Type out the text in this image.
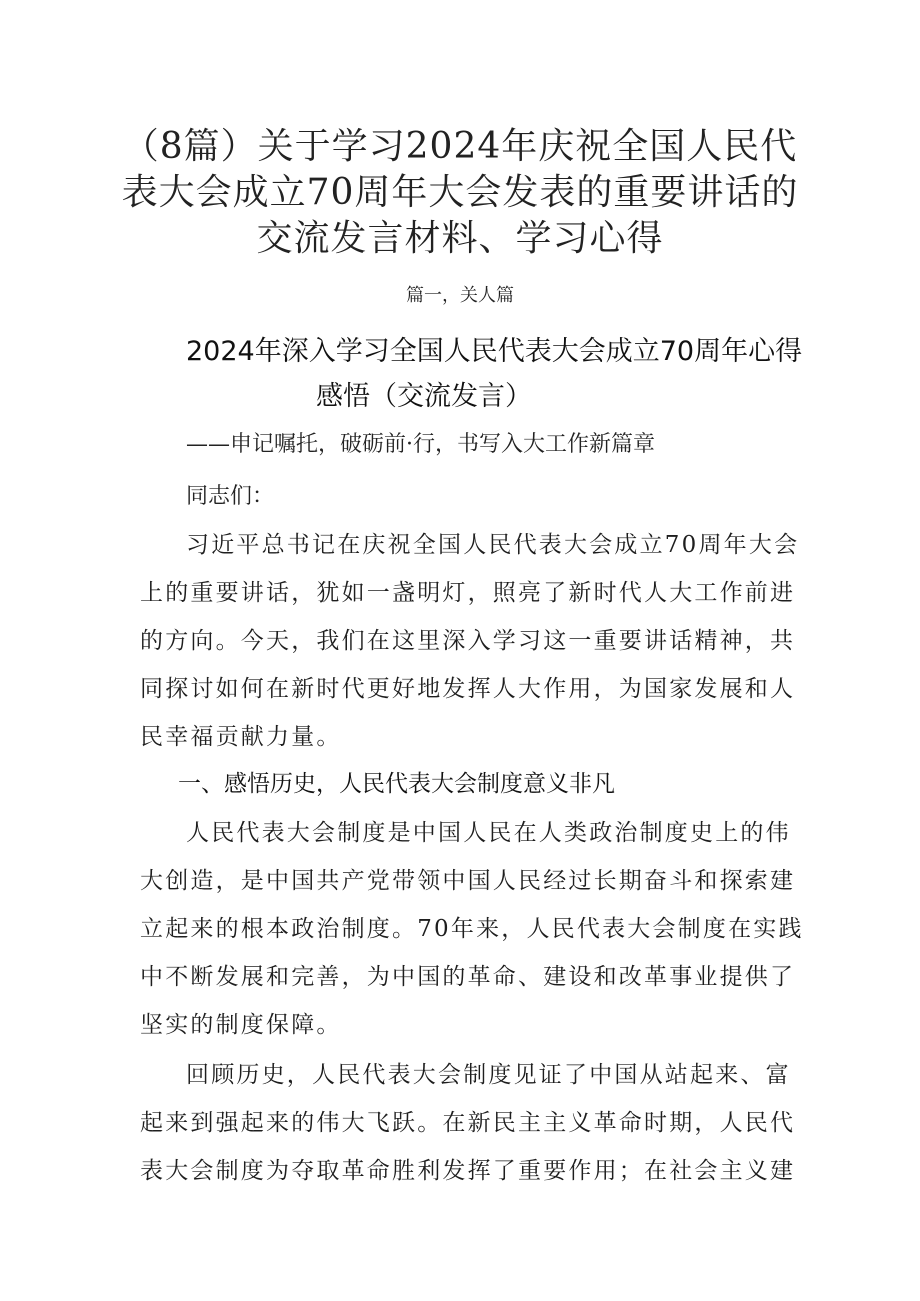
（8篇）关于学习2024年庆祝全国人民代
表大会成立70周年大会发表的重要讲话的
交流发言材料、学习心得
篇一，关人篇
2024年深入学习全国人民代表大会成立70周年心得
感悟（交流发言）
——申记嘱托，破砺前·行，书写入大工作新篇章
同志们：
习近平总书记在庆祝全国人民代表大会成立70周年大会
上的重要讲话，犹如一盏明灯，照亮了新时代人大工作前进
的方向。今天，我们在这里深入学习这一重要讲话精神，共
同探讨如何在新时代更好地发挥人大作用，为国家发展和人
民幸福贡献力量。
一、感悟历史，人民代表大会制度意义非凡
人民代表大会制度是中国人民在人类政治制度史上的伟
大创造，是中国共产党带领中国人民经过长期奋斗和探索建
立起来的根本政治制度。70年来，人民代表大会制度在实践
中不断发展和完善，为中国的革命、建设和改革事业提供了
坚实的制度保障。
回顾历史，人民代表大会制度见证了中国从站起来、富
起来到强起来的伟大飞跃。在新民主主义革命时期，人民代
表大会制度为夺取革命胜利发挥了重要作用；在社会主义建
